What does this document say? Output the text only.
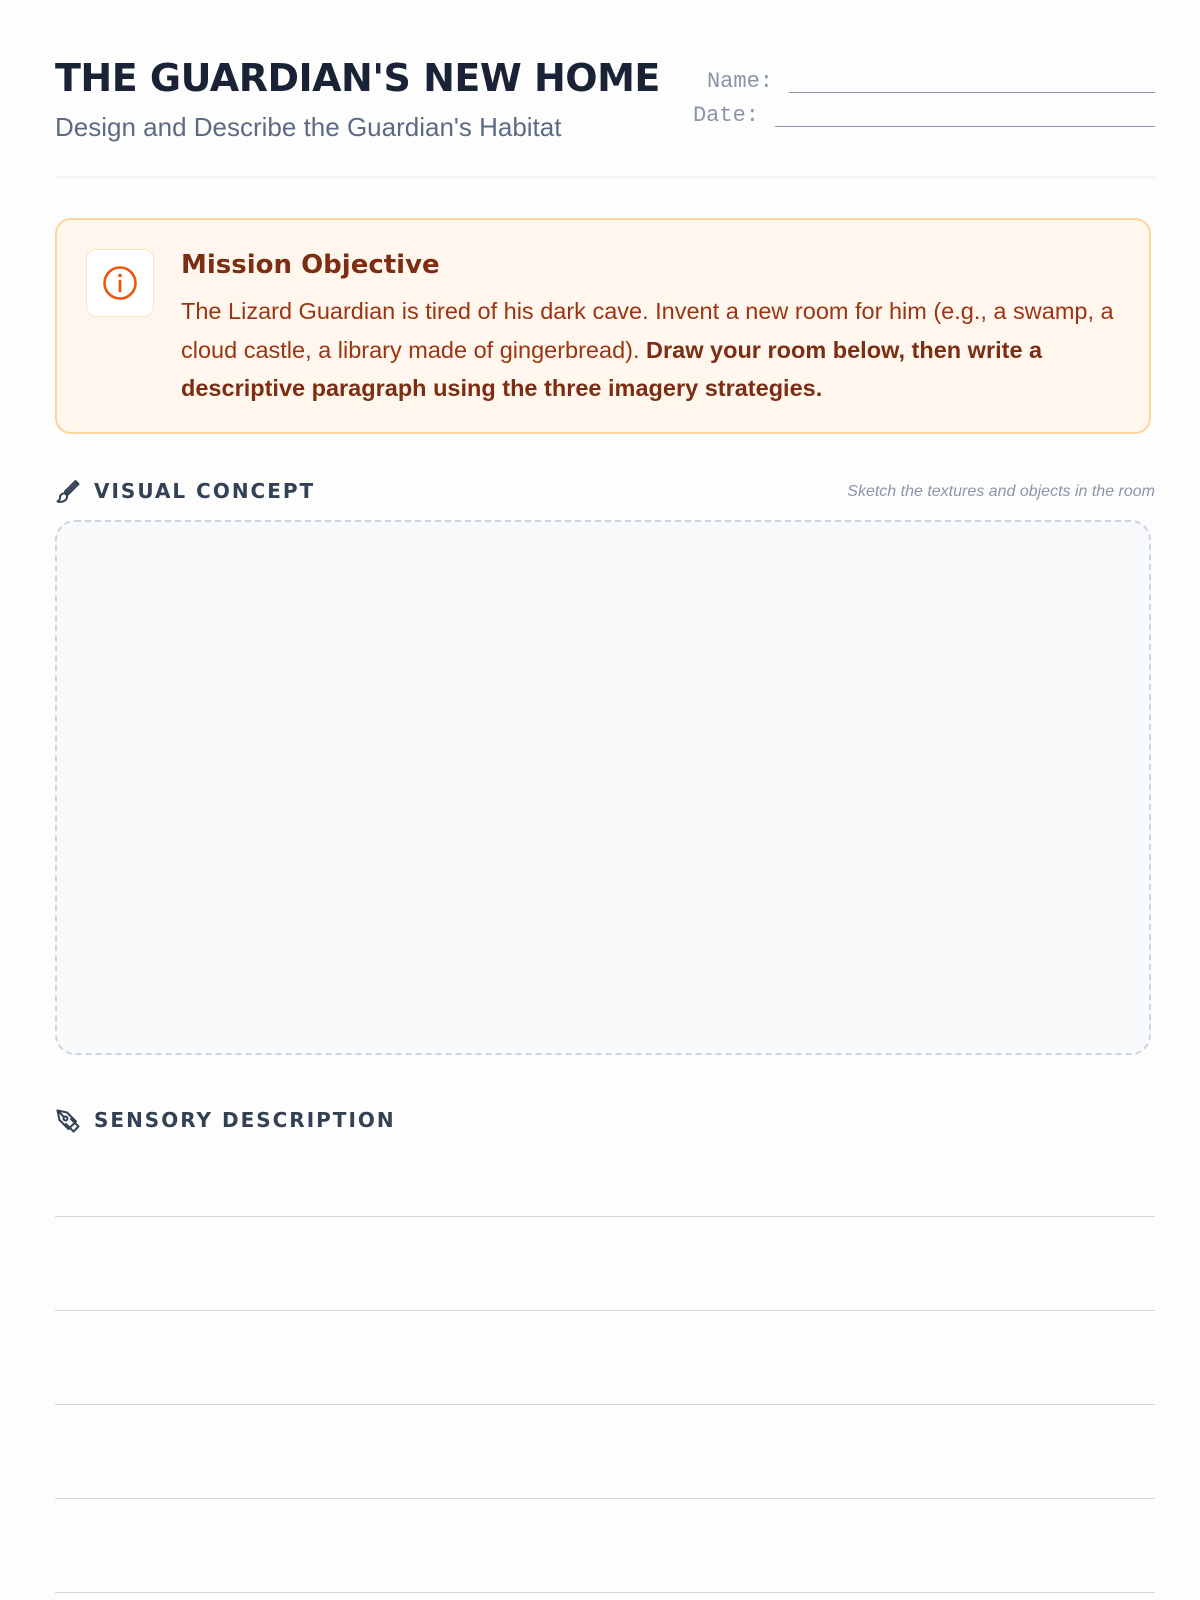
THE GUARDIAN'S NEW HOME
Design and Describe the Guardian's Habitat
Name:
Date:
Mission Objective

The Lizard Guardian is tired of his dark cave. Invent a new room for him (e.g., a swamp, a cloud castle, a library made of gingerbread). Draw your room below, then write a descriptive paragraph using the three imagery strategies.

VISUAL CONCEPT	Sketch the textures and objects in the room
SENSORY DESCRIPTION
